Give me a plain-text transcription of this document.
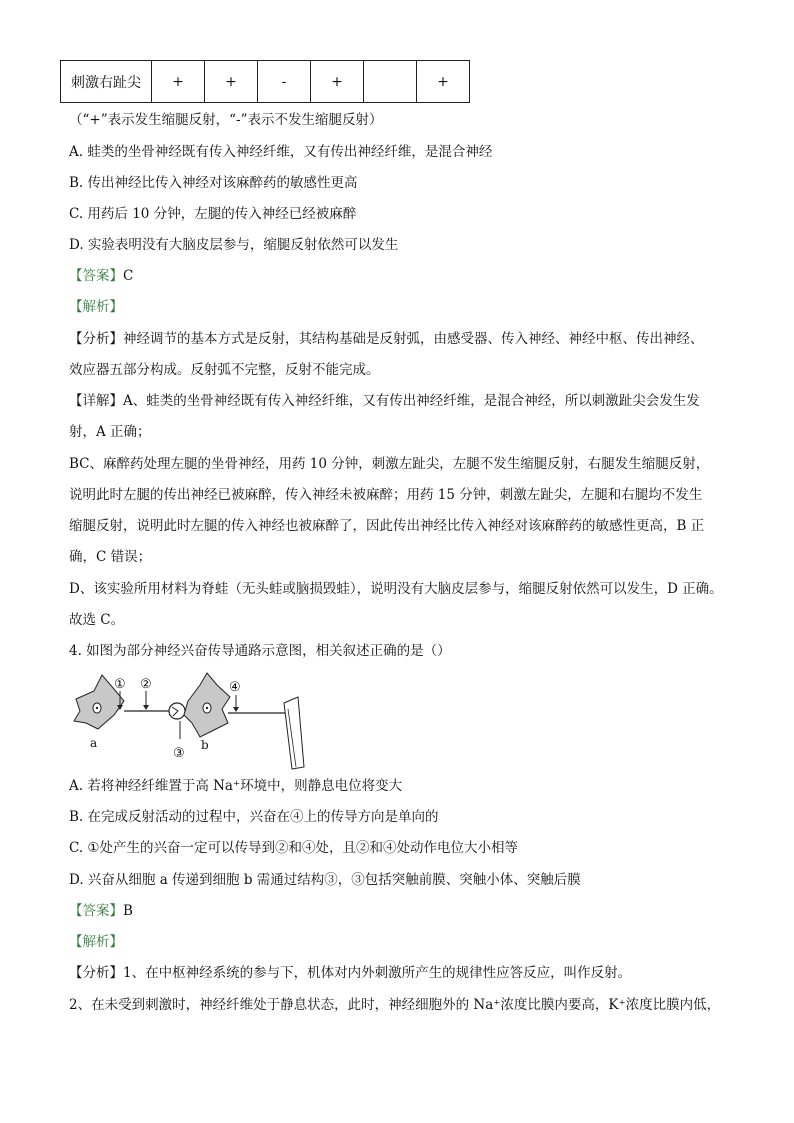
刺激右趾尖	+	+	-	+		+
（“+”表示发生缩腿反射，“-”表示不发生缩腿反射）
A. 蛙类的坐骨神经既有传入神经纤维，又有传出神经纤维，是混合神经
B. 传出神经比传入神经对该麻醉药的敏感性更高
C. 用药后 10 分钟，左腿的传入神经已经被麻醉
D. 实验表明没有大脑皮层参与，缩腿反射依然可以发生
【答案】C
【解析】
【分析】神经调节的基本方式是反射，其结构基础是反射弧，由感受器、传入神经、神经中枢、传出神经、
效应器五部分构成。反射弧不完整，反射不能完成。
【详解】A、蛙类的坐骨神经既有传入神经纤维，又有传出神经纤维，是混合神经，所以刺激趾尖会发生发
射，A 正确；
BC、麻醉药处理左腿的坐骨神经，用药 10 分钟，刺激左趾尖，左腿不发生缩腿反射，右腿发生缩腿反射，
说明此时左腿的传出神经已被麻醉，传入神经未被麻醉；用药 15 分钟，刺激左趾尖，左腿和右腿均不发生
缩腿反射，说明此时左腿的传入神经也被麻醉了，因此传出神经比传入神经对该麻醉药的敏感性更高，B 正
确，C 错误；
D、该实验所用材料为脊蛙（无头蛙或脑损毁蛙），说明没有大脑皮层参与，缩腿反射依然可以发生，D 正确。
故选 C。
4. 如图为部分神经兴奋传导通路示意图，相关叙述正确的是（）
① ②
③
④
a	b
A. 若将神经纤维置于高 Na⁺环境中，则静息电位将变大
B. 在完成反射活动的过程中，兴奋在④上的传导方向是单向的
C. ①处产生的兴奋一定可以传导到②和④处，且②和④处动作电位大小相等
D. 兴奋从细胞 a 传递到细胞 b 需通过结构③，③包括突触前膜、突触小体、突触后膜
【答案】B
【解析】
【分析】1、在中枢神经系统的参与下，机体对内外刺激所产生的规律性应答反应，叫作反射。
2、在未受到刺激时，神经纤维处于静息状态，此时，神经细胞外的 Na⁺浓度比膜内要高，K⁺浓度比膜内低，
